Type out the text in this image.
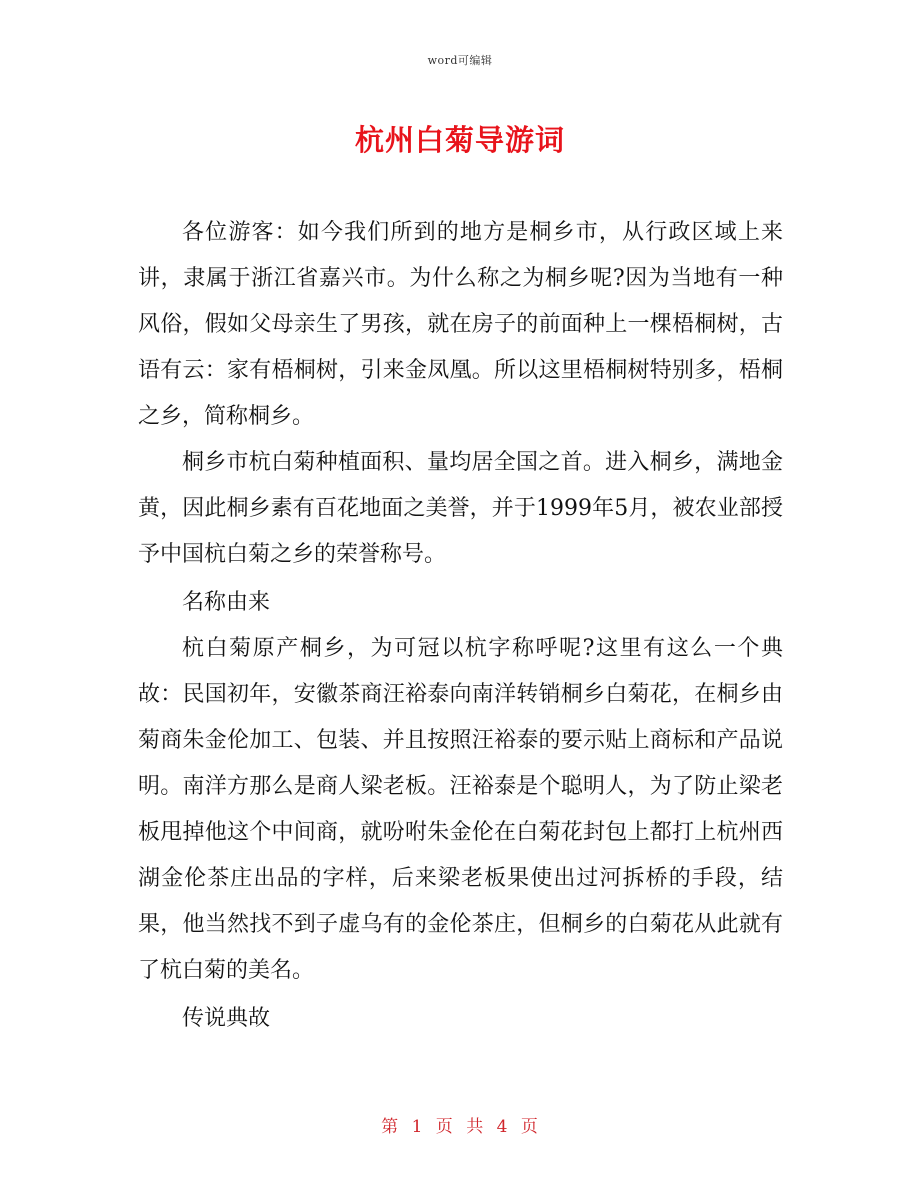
word可编辑
杭州白菊导游词

各位游客：如今我们所到的地方是桐乡市，从行政区域上来讲，隶属于浙江省嘉兴市。为什么称之为桐乡呢?因为当地有一种风俗，假如父母亲生了男孩，就在房子的前面种上一棵梧桐树，古语有云：家有梧桐树，引来金凤凰。所以这里梧桐树特别多，梧桐之乡，简称桐乡。

桐乡市杭白菊种植面积、量均居全国之首。进入桐乡，满地金黄，因此桐乡素有百花地面之美誉，并于1999年5月，被农业部授予中国杭白菊之乡的荣誉称号。

名称由来

杭白菊原产桐乡，为可冠以杭字称呼呢?这里有这么一个典故：民国初年，安徽茶商汪裕泰向南洋转销桐乡白菊花，在桐乡由菊商朱金伦加工、包装、并且按照汪裕泰的要示贴上商标和产品说明。南洋方那么是商人梁老板。汪裕泰是个聪明人，为了防止梁老板甩掉他这个中间商，就吩咐朱金伦在白菊花封包上都打上杭州西湖金伦茶庄出品的字样，后来梁老板果使出过河拆桥的手段，结果，他当然找不到子虚乌有的金伦茶庄，但桐乡的白菊花从此就有了杭白菊的美名。

传说典故

第 1 页 共 4 页
